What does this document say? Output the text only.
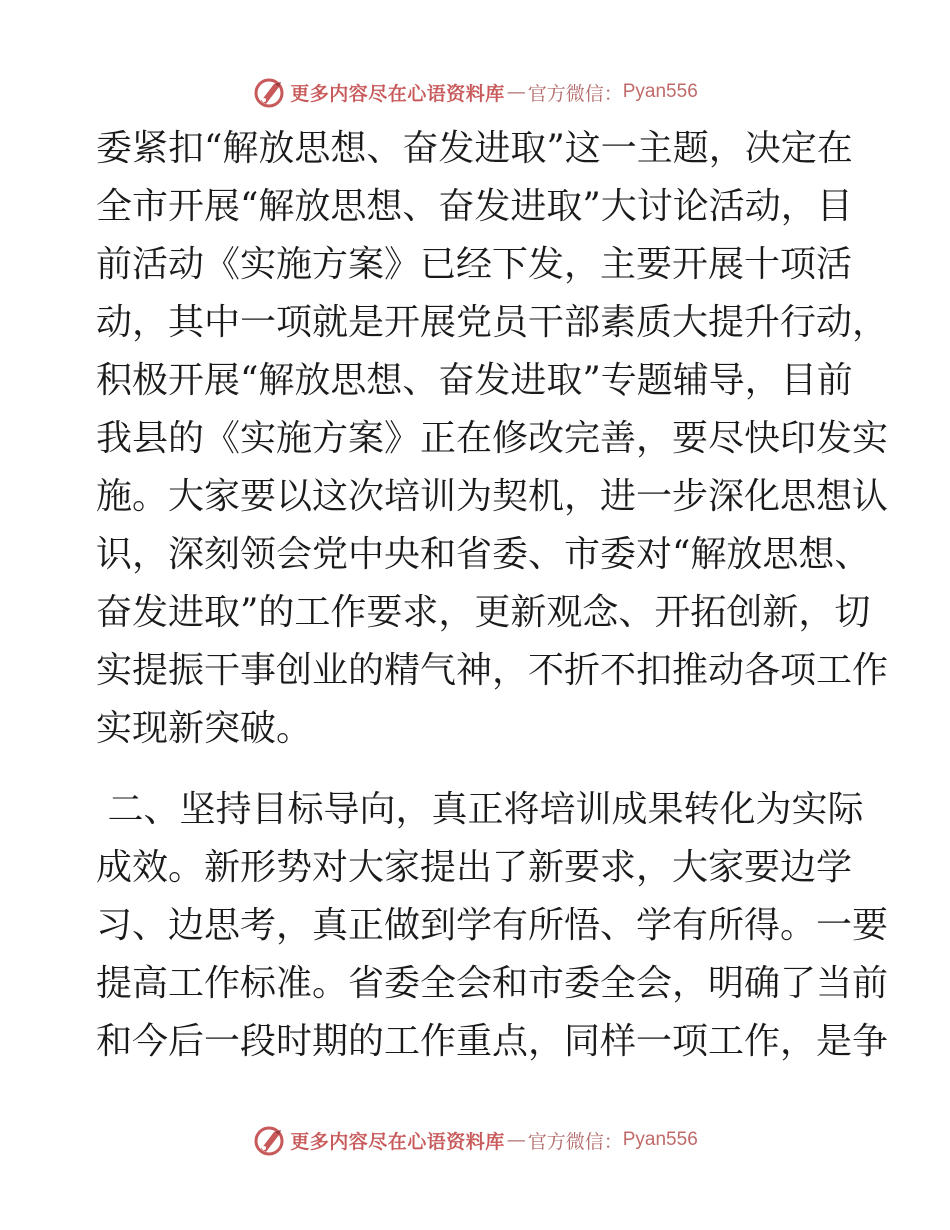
更多内容尽在心语资料库 — 官方微信： Pyan556
委紧扣“解放思想、奋发进取”这一主题，决定在
全市开展“解放思想、奋发进取”大讨论活动，目
前活动《实施方案》已经下发，主要开展十项活
动，其中一项就是开展党员干部素质大提升行动，
积极开展“解放思想、奋发进取”专题辅导，目前
我县的《实施方案》正在修改完善，要尽快印发实
施。大家要以这次培训为契机，进一步深化思想认
识，深刻领会党中央和省委、市委对“解放思想、
奋发进取”的工作要求，更新观念、开拓创新，切
实提振干事创业的精气神，不折不扣推动各项工作
实现新突破。
二、坚持目标导向，真正将培训成果转化为实际
成效。新形势对大家提出了新要求，大家要边学
习、边思考，真正做到学有所悟、学有所得。一要
提高工作标准。省委全会和市委全会，明确了当前
和今后一段时期的工作重点，同样一项工作，是争
更多内容尽在心语资料库 — 官方微信： Pyan556
